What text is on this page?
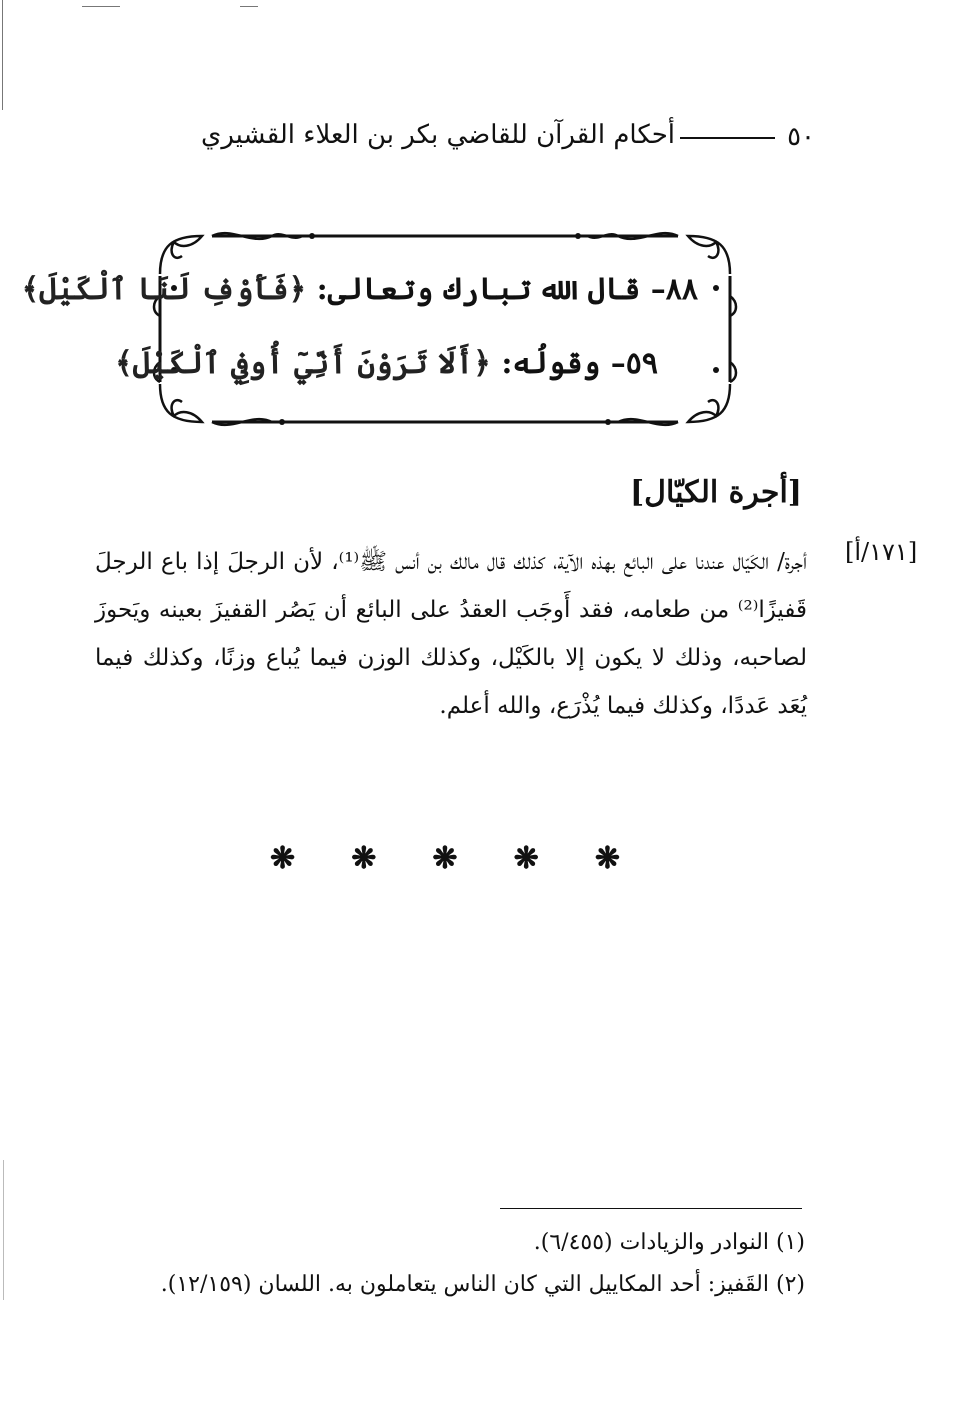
٥٠
أحكام القرآن للقاضي بكر بن العلاء القشيري
٨٨– قال الله تبارك وتعالى: ﴿فَأَوْفِ لَنَا ٱلْكَيْلَ﴾
٥٩– وقولُه: ﴿أَلَا تَرَوْنَ أَنِّيٓ أُوفِي ٱلْكَيْلَ﴾
[أجرة الكيّال]
[١٧١/أ]
أجرة/ الكَيّال عندنا على البائع بهذه الآية، كذلك قال مالك بن أنس ﷺ⁽¹⁾، لأن الرجلَ إذا باع الرجلَ قَفيزًا⁽²⁾ من طعامه، فقد أَوجَب العقدُ على البائع أن يَصُر القفيزَ بعينه ويَحوزَ لصاحبه، وذلك لا يكون إلا بالكَيْل، وكذلك الوزن فيما يُباع وزنًا، وكذلك فيما يُعَد عَددًا، وكذلك فيما يُذْرَع، والله أعلم.
❋ ❋ ❋ ❋ ❋
(١) النوادر والزيادات (٦/٤٥٥).
(٢) القَفيز: أحد المكاييل التي كان الناس يتعاملون به. اللسان (١٢/١٥٩).
